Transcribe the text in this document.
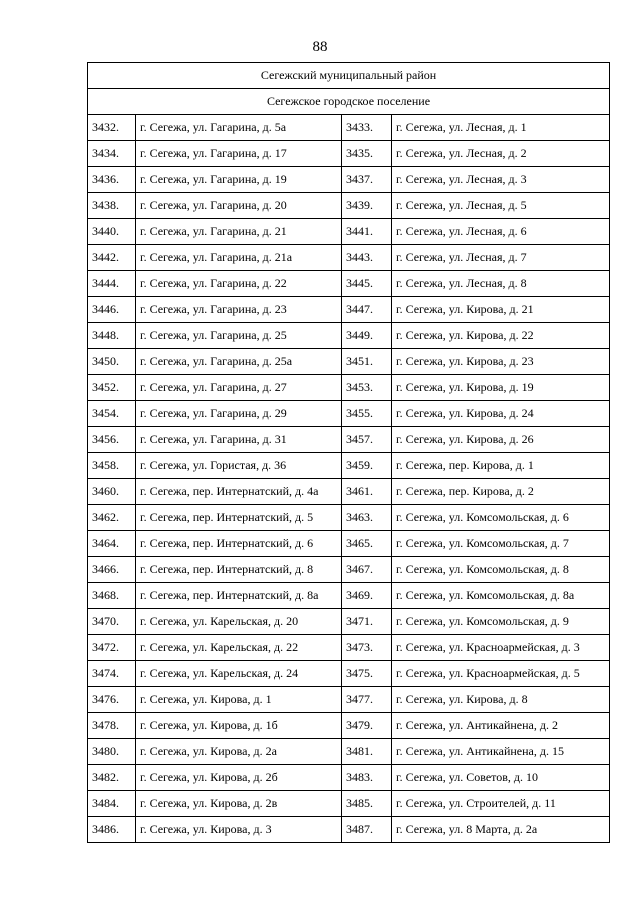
88
Сегежский муниципальный район			
Сегежское городское поселение			
3432.	г. Сегежа, ул. Гагарина, д. 5а	3433.	г. Сегежа, ул. Лесная, д. 1
3434.	г. Сегежа, ул. Гагарина, д. 17	3435.	г. Сегежа, ул. Лесная, д. 2
3436.	г. Сегежа, ул. Гагарина, д. 19	3437.	г. Сегежа, ул. Лесная, д. 3
3438.	г. Сегежа, ул. Гагарина, д. 20	3439.	г. Сегежа, ул. Лесная, д. 5
3440.	г. Сегежа, ул. Гагарина, д. 21	3441.	г. Сегежа, ул. Лесная, д. 6
3442.	г. Сегежа, ул. Гагарина, д. 21а	3443.	г. Сегежа, ул. Лесная, д. 7
3444.	г. Сегежа, ул. Гагарина, д. 22	3445.	г. Сегежа, ул. Лесная, д. 8
3446.	г. Сегежа, ул. Гагарина, д. 23	3447.	г. Сегежа, ул. Кирова, д. 21
3448.	г. Сегежа, ул. Гагарина, д. 25	3449.	г. Сегежа, ул. Кирова, д. 22
3450.	г. Сегежа, ул. Гагарина, д. 25а	3451.	г. Сегежа, ул. Кирова, д. 23
3452.	г. Сегежа, ул. Гагарина, д. 27	3453.	г. Сегежа, ул. Кирова, д. 19
3454.	г. Сегежа, ул. Гагарина, д. 29	3455.	г. Сегежа, ул. Кирова, д. 24
3456.	г. Сегежа, ул. Гагарина, д. 31	3457.	г. Сегежа, ул. Кирова, д. 26
3458.	г. Сегежа, ул. Гористая, д. 36	3459.	г. Сегежа, пер. Кирова, д. 1
3460.	г. Сегежа, пер. Интернатский, д. 4а	3461.	г. Сегежа, пер. Кирова, д. 2
3462.	г. Сегежа, пер. Интернатский, д. 5	3463.	г. Сегежа, ул. Комсомольская, д. 6
3464.	г. Сегежа, пер. Интернатский, д. 6	3465.	г. Сегежа, ул. Комсомольская, д. 7
3466.	г. Сегежа, пер. Интернатский, д. 8	3467.	г. Сегежа, ул. Комсомольская, д. 8
3468.	г. Сегежа, пер. Интернатский, д. 8а	3469.	г. Сегежа, ул. Комсомольская, д. 8а
3470.	г. Сегежа, ул. Карельская, д. 20	3471.	г. Сегежа, ул. Комсомольская, д. 9
3472.	г. Сегежа, ул. Карельская, д. 22	3473.	г. Сегежа, ул. Красноармейская, д. 3
3474.	г. Сегежа, ул. Карельская, д. 24	3475.	г. Сегежа, ул. Красноармейская, д. 5
3476.	г. Сегежа, ул. Кирова, д. 1	3477.	г. Сегежа, ул. Кирова, д. 8
3478.	г. Сегежа, ул. Кирова, д. 1б	3479.	г. Сегежа, ул. Антикайнена, д. 2
3480.	г. Сегежа, ул. Кирова, д. 2а	3481.	г. Сегежа, ул. Антикайнена, д. 15
3482.	г. Сегежа, ул. Кирова, д. 2б	3483.	г. Сегежа, ул. Советов, д. 10
3484.	г. Сегежа, ул. Кирова, д. 2в	3485.	г. Сегежа, ул. Строителей, д. 11
3486.	г. Сегежа, ул. Кирова, д. 3	3487.	г. Сегежа, ул. 8 Марта, д. 2а
